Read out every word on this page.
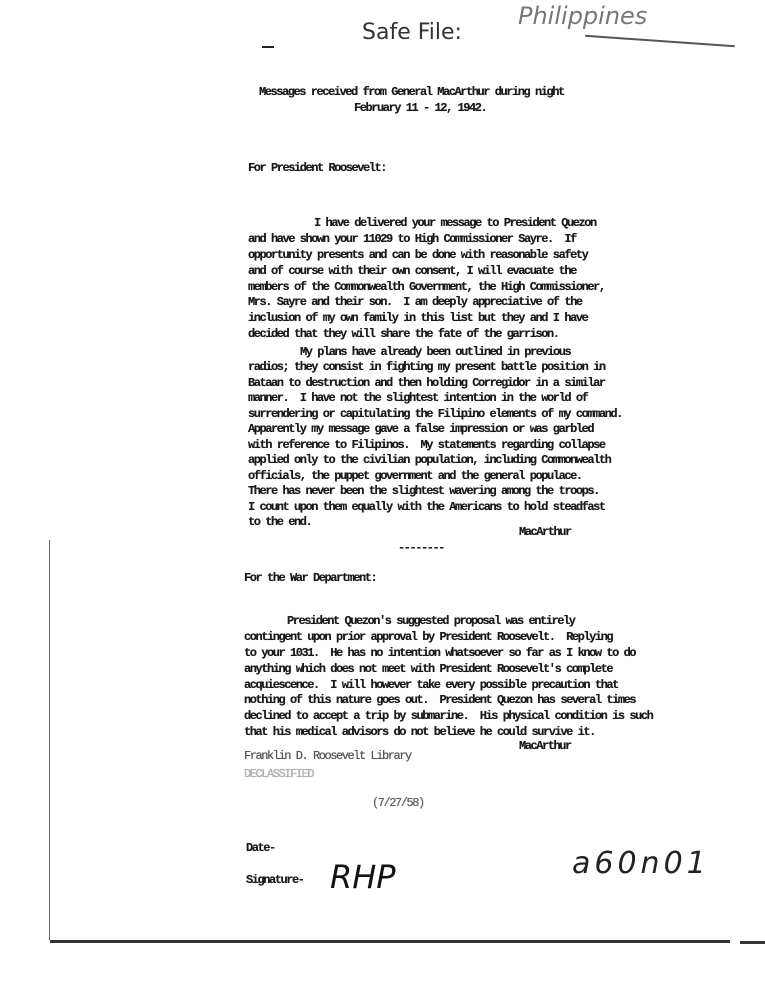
Safe File:
Philippines
Messages received from General MacArthur during night
February 11 - 12, 1942.
For President Roosevelt:

I have delivered your message to President Quezon
and have shown your 11029 to High Commissioner Sayre.  If
opportunity presents and can be done with reasonable safety
and of course with their own consent, I will evacuate the
members of the Commonwealth Government, the High Commissioner,
Mrs. Sayre and their son.  I am deeply appreciative of the
inclusion of my own family in this list but they and I have
decided that they will share the fate of the garrison.

My plans have already been outlined in previous
radios; they consist in fighting my present battle position in
Bataan to destruction and then holding Corregidor in a similar
manner.  I have not the slightest intention in the world of
surrendering or capitulating the Filipino elements of my command.
Apparently my message gave a false impression or was garbled
with reference to Filipinos.  My statements regarding collapse
applied only to the civilian population, including Commonwealth
officials, the puppet government and the general populace.
There has never been the slightest wavering among the troops.
I count upon them equally with the Americans to hold steadfast
to the end.

MacArthur
--------
For the War Department:

President Quezon's suggested proposal was entirely
contingent upon prior approval by President Roosevelt.  Replying
to your 1031.  He has no intention whatsoever so far as I know to do
anything which does not meet with President Roosevelt's complete
acquiescence.  I will however take every possible precaution that
nothing of this nature goes out.  President Quezon has several times
declined to accept a trip by submarine.  His physical condition is such
that his medical advisors do not believe he could survive it.

MacArthur
Franklin D. Roosevelt Library
DECLASSIFIED
(7/27/58)
Date-
Signature- RHP	a60n01
